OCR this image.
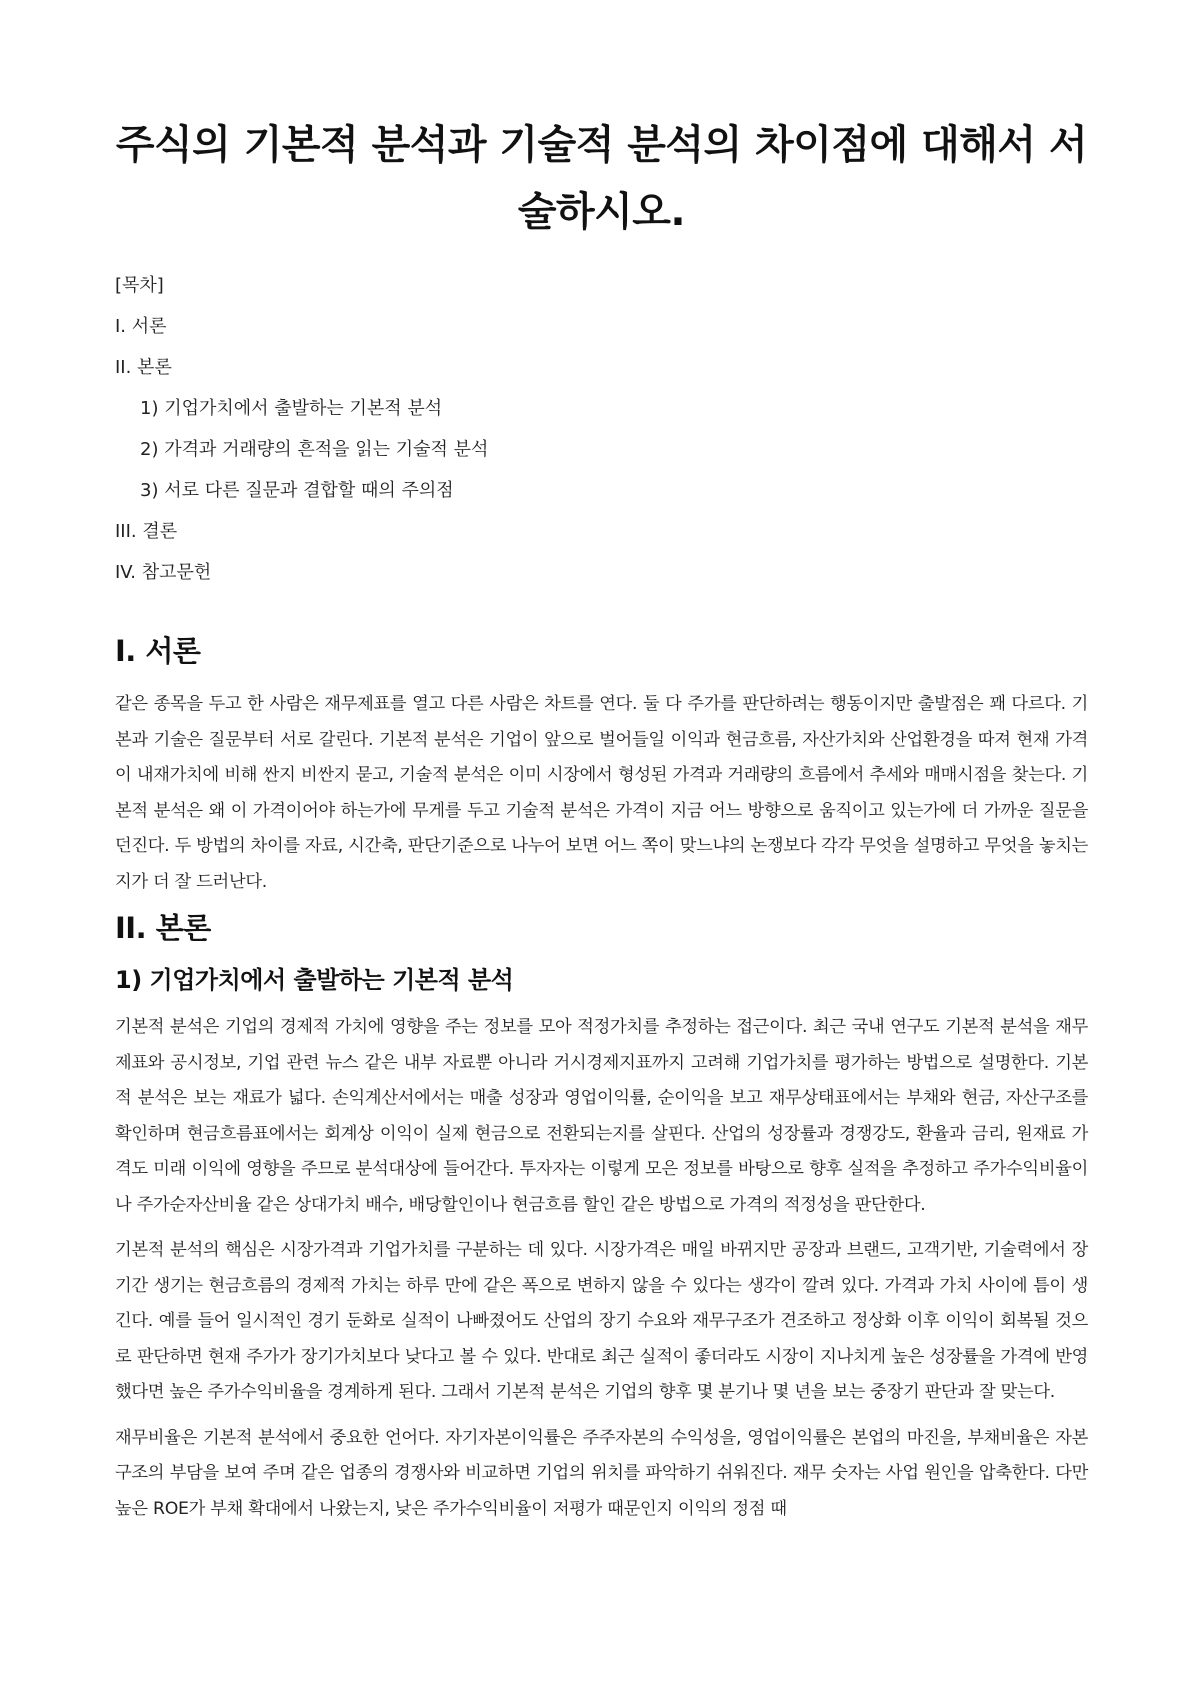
주식의 기본적 분석과 기술적 분석의 차이점에 대해서 서술하시오.

[목차]

I. 서론

II. 본론

1) 기업가치에서 출발하는 기본적 분석

2) 가격과 거래량의 흔적을 읽는 기술적 분석

3) 서로 다른 질문과 결합할 때의 주의점

III. 결론

IV. 참고문헌

I. 서론

같은 종목을 두고 한 사람은 재무제표를 열고 다른 사람은 차트를 연다. 둘 다 주가를 판단하려는 행동이지만 출발점은 꽤 다르다. 기본과 기술은 질문부터 서로 갈린다. 기본적 분석은 기업이 앞으로 벌어들일 이익과 현금흐름, 자산가치와 산업환경을 따져 현재 가격이 내재가치에 비해 싼지 비싼지 묻고, 기술적 분석은 이미 시장에서 형성된 가격과 거래량의 흐름에서 추세와 매매시점을 찾는다. 기본적 분석은 왜 이 가격이어야 하는가에 무게를 두고 기술적 분석은 가격이 지금 어느 방향으로 움직이고 있는가에 더 가까운 질문을 던진다. 두 방법의 차이를 자료, 시간축, 판단기준으로 나누어 보면 어느 쪽이 맞느냐의 논쟁보다 각각 무엇을 설명하고 무엇을 놓치는지가 더 잘 드러난다.

II. 본론
1) 기업가치에서 출발하는 기본적 분석

기본적 분석은 기업의 경제적 가치에 영향을 주는 정보를 모아 적정가치를 추정하는 접근이다. 최근 국내 연구도 기본적 분석을 재무제표와 공시정보, 기업 관련 뉴스 같은 내부 자료뿐 아니라 거시경제지표까지 고려해 기업가치를 평가하는 방법으로 설명한다. 기본적 분석은 보는 재료가 넓다. 손익계산서에서는 매출 성장과 영업이익률, 순이익을 보고 재무상태표에서는 부채와 현금, 자산구조를 확인하며 현금흐름표에서는 회계상 이익이 실제 현금으로 전환되는지를 살핀다. 산업의 성장률과 경쟁강도, 환율과 금리, 원재료 가격도 미래 이익에 영향을 주므로 분석대상에 들어간다. 투자자는 이렇게 모은 정보를 바탕으로 향후 실적을 추정하고 주가수익비율이나 주가순자산비율 같은 상대가치 배수, 배당할인이나 현금흐름 할인 같은 방법으로 가격의 적정성을 판단한다.

기본적 분석의 핵심은 시장가격과 기업가치를 구분하는 데 있다. 시장가격은 매일 바뀌지만 공장과 브랜드, 고객기반, 기술력에서 장기간 생기는 현금흐름의 경제적 가치는 하루 만에 같은 폭으로 변하지 않을 수 있다는 생각이 깔려 있다. 가격과 가치 사이에 틈이 생긴다. 예를 들어 일시적인 경기 둔화로 실적이 나빠졌어도 산업의 장기 수요와 재무구조가 견조하고 정상화 이후 이익이 회복될 것으로 판단하면 현재 주가가 장기가치보다 낮다고 볼 수 있다. 반대로 최근 실적이 좋더라도 시장이 지나치게 높은 성장률을 가격에 반영했다면 높은 주가수익비율을 경계하게 된다. 그래서 기본적 분석은 기업의 향후 몇 분기나 몇 년을 보는 중장기 판단과 잘 맞는다.

재무비율은 기본적 분석에서 중요한 언어다. 자기자본이익률은 주주자본의 수익성을, 영업이익률은 본업의 마진을, 부채비율은 자본구조의 부담을 보여 주며 같은 업종의 경쟁사와 비교하면 기업의 위치를 파악하기 쉬워진다. 재무 숫자는 사업 원인을 압축한다. 다만 높은 ROE가 부채 확대에서 나왔는지, 낮은 주가수익비율이 저평가 때문인지 이익의 정점 때
